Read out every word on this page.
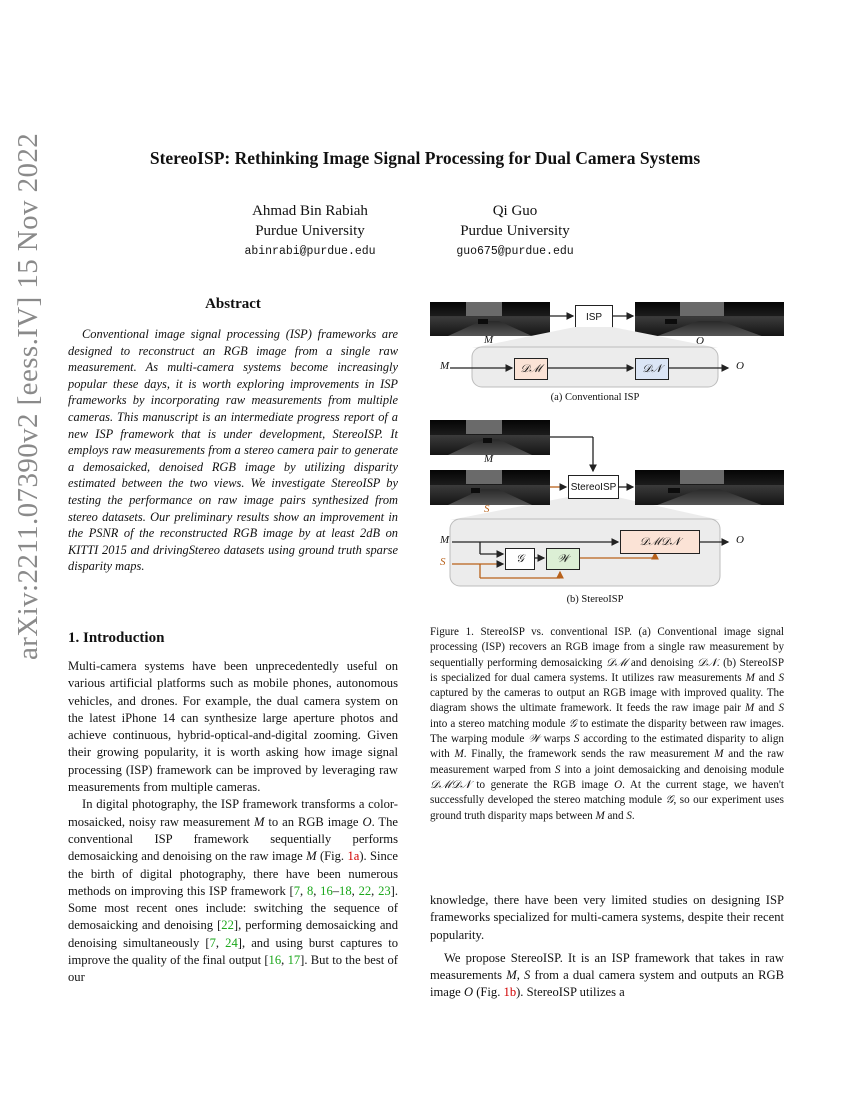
StereoISP: Rethinking Image Signal Processing for Dual Camera Systems
Ahmad Bin Rabiah
Purdue University
abinrabi@purdue.edu
Qi Guo
Purdue University
guo675@purdue.edu
arXiv:2211.07390v2 [eess.IV] 15 Nov 2022	Abstract
Conventional image signal processing (ISP) frameworks are designed to reconstruct an RGB image from a single raw measurement. As multi-camera systems become increasingly popular these days, it is worth exploring improvements in ISP frameworks by incorporating raw measurements from multiple cameras. This manuscript is an intermediate progress report of a new ISP framework that is under development, StereoISP. It employs raw measurements from a stereo camera pair to generate a demosaicked, denoised RGB image by utilizing disparity estimated between the two views. We investigate StereoISP by testing the performance on raw image pairs synthesized from stereo datasets. Our preliminary results show an improvement in the PSNR of the reconstructed RGB image by at least 2dB on KITTI 2015 and drivingStereo datasets using ground truth sparse disparity maps.
1. Introduction

Multi-camera systems have been unprecedentedly useful on various artificial platforms such as mobile phones, autonomous vehicles, and drones. For example, the dual camera system on the latest iPhone 14 can synthesize large aperture photos and achieve continuous, hybrid-optical-and-digital zooming. Given their growing popularity, it is worth asking how image signal processing (ISP) framework can be improved by leveraging raw measurements from multiple cameras.

In digital photography, the ISP framework transforms a color-mosaicked, noisy raw measurement M to an RGB image O. The conventional ISP framework sequentially performs demosaicking and denoising on the raw image M (Fig. 1a). Since the birth of digital photography, there have been numerous methods on improving this ISP framework [7, 8, 16–18, 22, 23]. Some most recent ones include: switching the sequence of demosaicking and denoising [22], performing demosaicking and denoising simultaneously [7, 24], and using burst captures to improve the quality of the final output [16, 17]. But to the best of our

ISP
M	O
𝒟ℳ	𝒟𝒩
M	O
(a) Conventional ISP
M
S
StereoISP
M
S	𝒢	𝒲
𝒟ℳ𝒟𝒩	O
(b) StereoISP
Figure 1. StereoISP vs. conventional ISP. (a) Conventional image signal processing (ISP) recovers an RGB image from a single raw measurement by sequentially performing demosaicking 𝒟ℳ and denoising 𝒟𝒩. (b) StereoISP is specialized for dual camera systems. It utilizes raw measurements M and S captured by the cameras to output an RGB image with improved quality. The diagram shows the ultimate framework. It feeds the raw image pair M and S into a stereo matching module 𝒢 to estimate the disparity between raw images. The warping module 𝒲 warps S according to the estimated disparity to align with M. Finally, the framework sends the raw measurement M and the raw measurement warped from S into a joint demosaicking and denoising module 𝒟ℳ𝒟𝒩 to generate the RGB image O. At the current stage, we haven't successfully developed the stereo matching module 𝒢, so our experiment uses ground truth disparity maps between M and S.

knowledge, there have been very limited studies on designing ISP frameworks specialized for multi-camera systems, despite their recent popularity.

We propose StereoISP. It is an ISP framework that takes in raw measurements M, S from a dual camera system and outputs an RGB image O (Fig. 1b). StereoISP utilizes a
